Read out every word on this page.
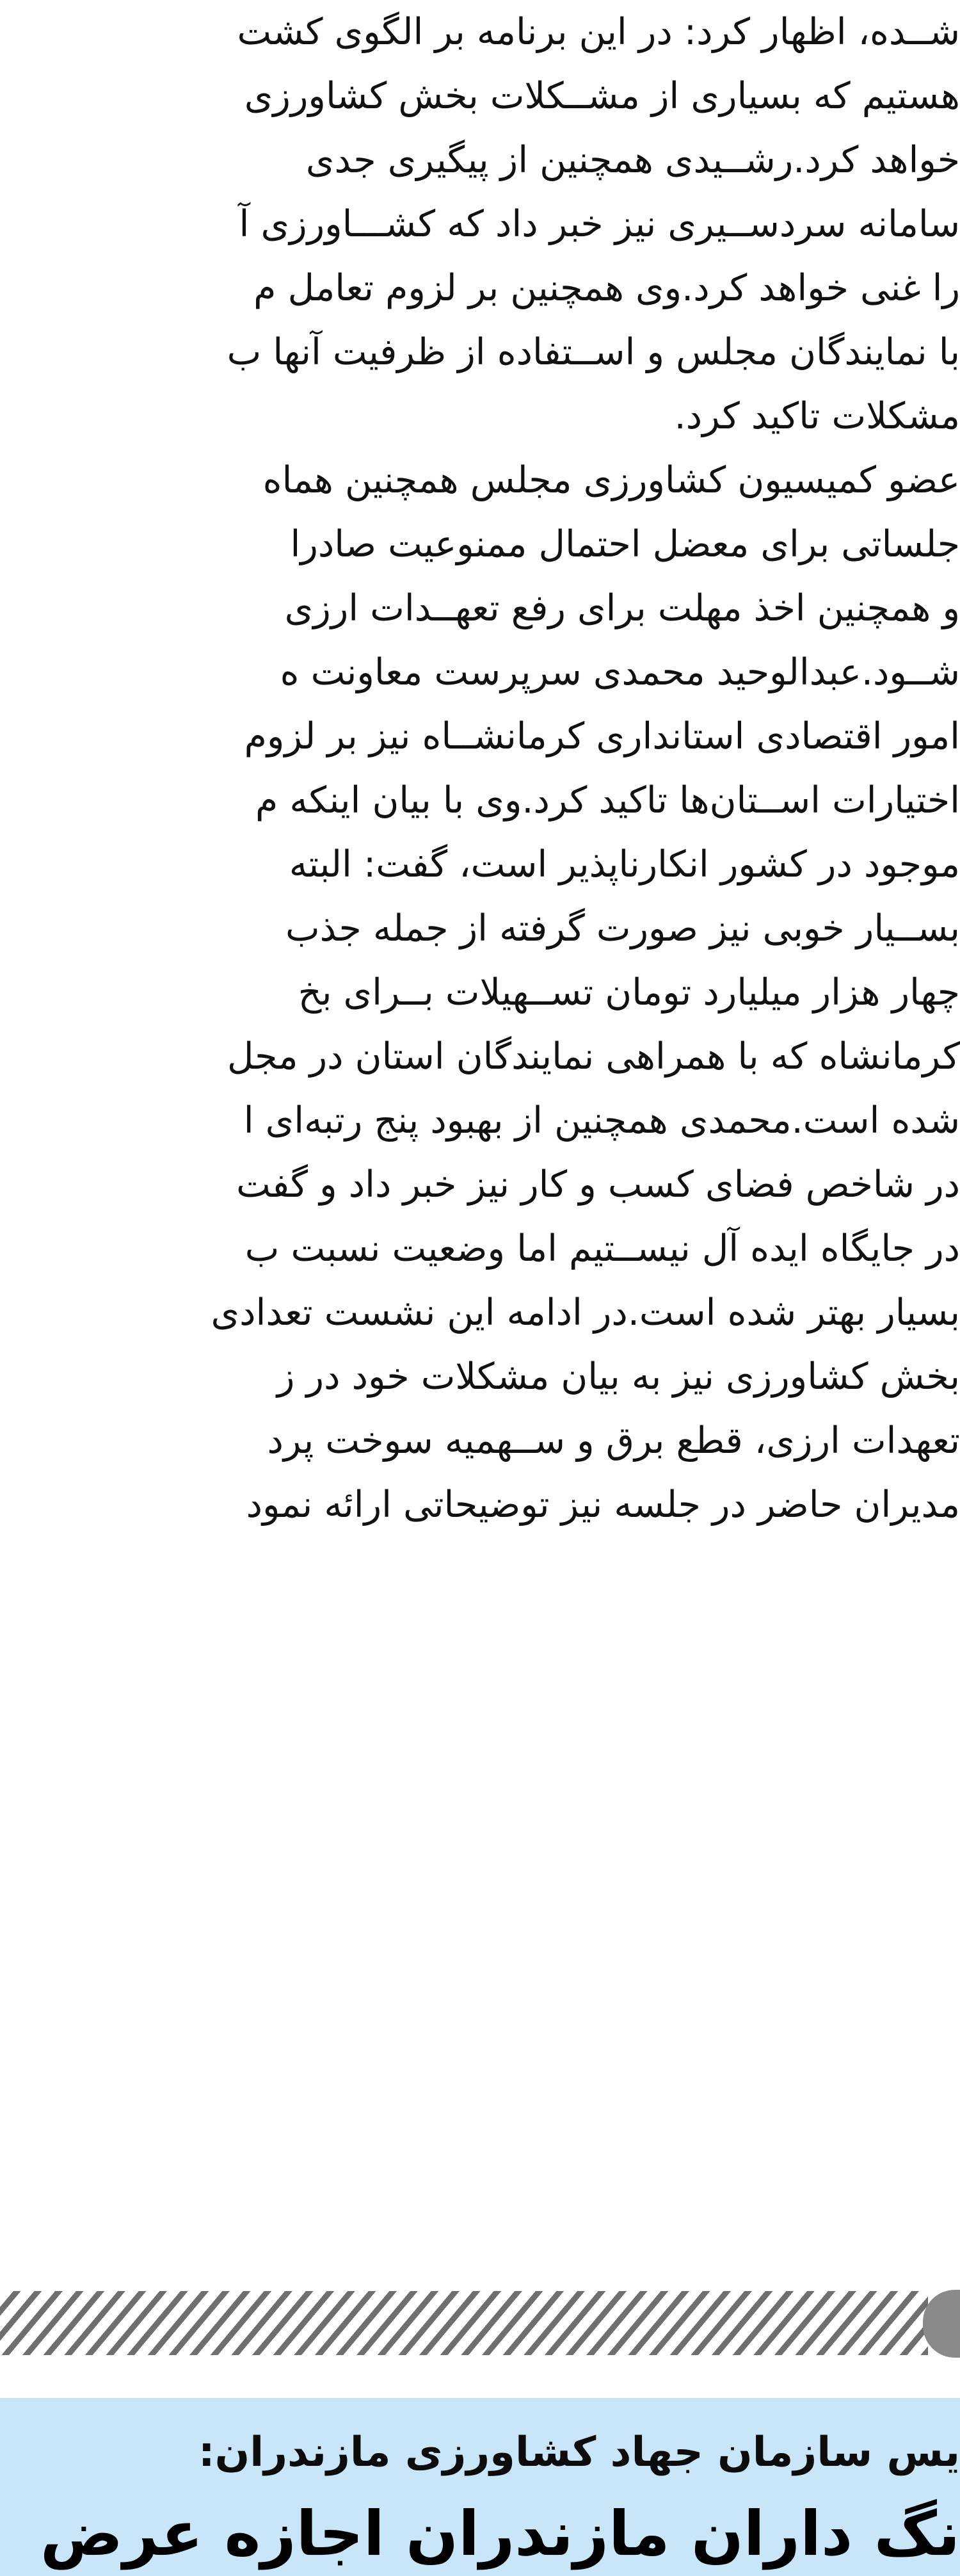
شــده، اظهار کرد: در این برنامه بر الگوی کشت
هستیم که بسیاری از مشــکلات بخش کشاورزی
خواهد کرد.رشــیدی همچنین از پیگیری جدی
سامانه سردســیری نیز خبر داد که کشـــاورزی آ
را غنی خواهد کرد.وی همچنین بر لزوم تعامل م
با نمایندگان مجلس و اســتفاده از ظرفیت آنها ب
مشکلات تاکید کرد.
عضو کمیسیون کشاورزی مجلس همچنین هماه
جلساتی برای معضل احتمال ممنوعیت صادرا
و همچنین اخذ مهلت برای رفع تعهــدات ارزی
شــود.عبدالوحید محمدی سرپرست معاونت ه
امور اقتصادی استانداری کرمانشــاه نیز بر لزوم
اختیارات اســتان‌ها تاکید کرد.وی با بیان اینکه م
موجود در کشور انکارناپذیر است، گفت: البته
بســیار خوبی نیز صورت گرفته از جمله جذب
چهار هزار میلیارد تومان تســهیلات بــرای بخ
کرمانشاه که با همراهی نمایندگان استان در مجل
شده است.محمدی همچنین از بهبود پنج رتبه‌ای ا
در شاخص فضای کسب و کار نیز خبر داد و گفت
در جایگاه ایده آل نیســتیم اما وضعیت نسبت ب
بسیار بهتر شده است.در ادامه این نشست تعدادی
بخش کشاورزی نیز به بیان مشکلات خود در ز
تعهدات ارزی، قطع برق و ســهمیه سوخت پرد
مدیران حاضر در جلسه نیز توضیحاتی ارائه نمود
یس سازمان جهاد کشاورزی مازندران:
نگ داران مازندران اجازه عرض
